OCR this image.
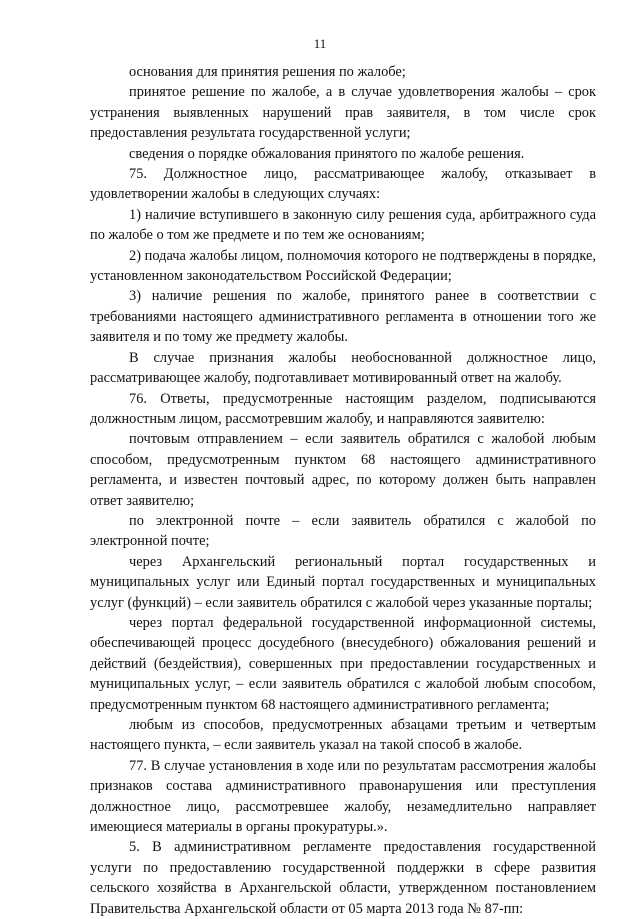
11

основания для принятия решения по жалобе;

принятое решение по жалобе, а в случае удовлетворения жалобы – срок устранения выявленных нарушений прав заявителя, в том числе срок предоставления результата государственной услуги;

сведения о порядке обжалования принятого по жалобе решения.

75. Должностное лицо, рассматривающее жалобу, отказывает в удовлетворении жалобы в следующих случаях:

1) наличие вступившего в законную силу решения суда, арбитражного суда по жалобе о том же предмете и по тем же основаниям;

2) подача жалобы лицом, полномочия которого не подтверждены в порядке, установленном законодательством Российской Федерации;

3) наличие решения по жалобе, принятого ранее в соответствии с требованиями настоящего административного регламента в отношении того же заявителя и по тому же предмету жалобы.

В случае признания жалобы необоснованной должностное лицо, рассматривающее жалобу, подготавливает мотивированный ответ на жалобу.

76. Ответы, предусмотренные настоящим разделом, подписываются должностным лицом, рассмотревшим жалобу, и направляются заявителю:

почтовым отправлением – если заявитель обратился с жалобой любым способом, предусмотренным пунктом 68 настоящего административного регламента, и известен почтовый адрес, по которому должен быть направлен ответ заявителю;

по электронной почте – если заявитель обратился с жалобой по электронной почте;

через Архангельский региональный портал государственных и муниципальных услуг или Единый портал государственных и муниципальных услуг (функций) – если заявитель обратился с жалобой через указанные порталы;

через портал федеральной государственной информационной системы, обеспечивающей процесс досудебного (внесудебного) обжалования решений и действий (бездействия), совершенных при предоставлении государственных и муниципальных услуг, – если заявитель обратился с жалобой любым способом, предусмотренным пунктом 68 настоящего административного регламента;

любым из способов, предусмотренных абзацами третьим и четвертым настоящего пункта, – если заявитель указал на такой способ в жалобе.

77. В случае установления в ходе или по результатам рассмотрения жалобы признаков состава административного правонарушения или преступления должностное лицо, рассмотревшее жалобу, незамедлительно направляет имеющиеся материалы в органы прокуратуры.».

5. В административном регламенте предоставления государственной услуги по предоставлению государственной поддержки в сфере развития сельского хозяйства в Архангельской области, утвержденном постановлением Правительства Архангельской области от 05 марта 2013 года № 87-пп:
